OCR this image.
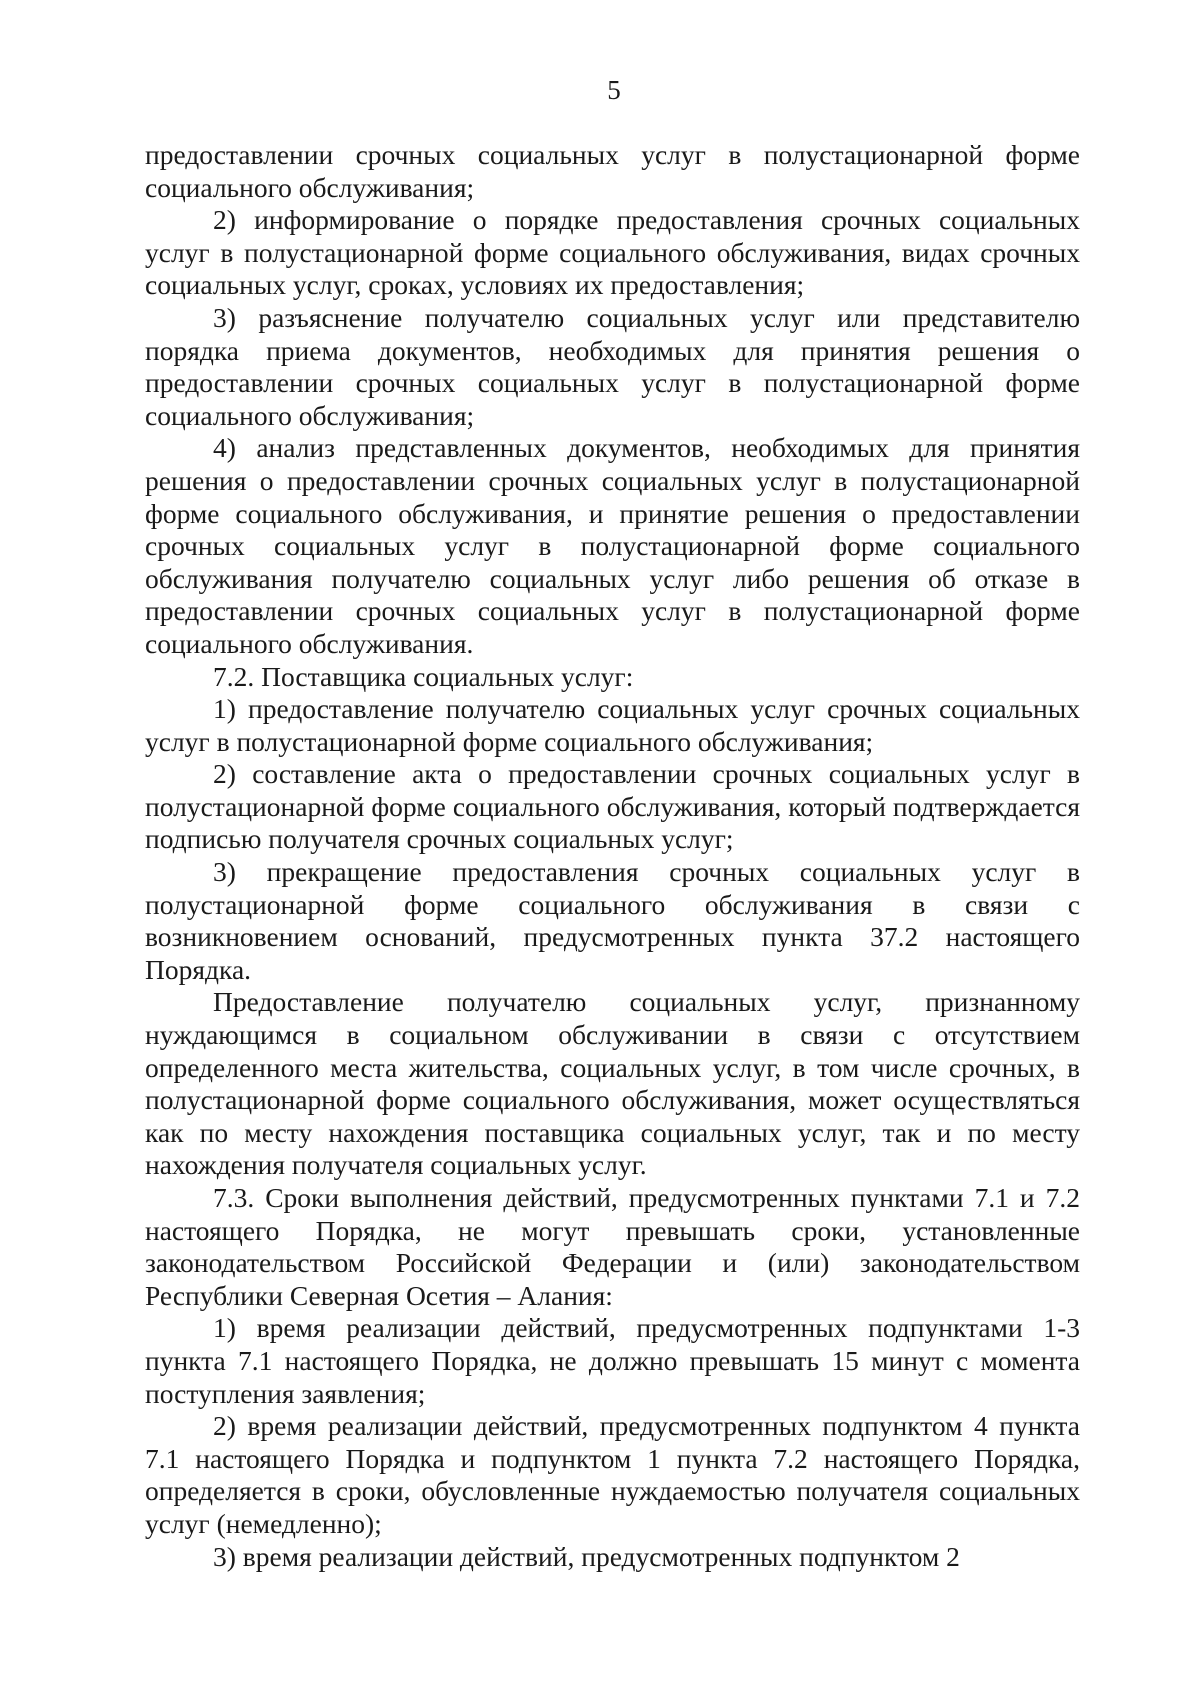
5

предоставлении срочных социальных услуг в полустационарной форме социального обслуживания;

2) информирование о порядке предоставления срочных социальных услуг в полустационарной форме социального обслуживания, видах срочных социальных услуг, сроках, условиях их предоставления;

3) разъяснение получателю социальных услуг или представителю порядка приема документов, необходимых для принятия решения о предоставлении срочных социальных услуг в полустационарной форме социального обслуживания;

4) анализ представленных документов, необходимых для принятия решения о предоставлении срочных социальных услуг в полустационарной форме социального обслуживания, и принятие решения о предоставлении срочных социальных услуг в полустационарной форме социального обслуживания получателю социальных услуг либо решения об отказе в предоставлении срочных социальных услуг в полустационарной форме социального обслуживания.

7.2. Поставщика социальных услуг:

1) предоставление получателю социальных услуг срочных социальных услуг в полустационарной форме социального обслуживания;

2) составление акта о предоставлении срочных социальных услуг в полустационарной форме социального обслуживания, который подтверждается подписью получателя срочных социальных услуг;

3) прекращение предоставления срочных социальных услуг в полустационарной форме социального обслуживания в связи с возникновением оснований, предусмотренных пункта 37.2 настоящего Порядка.

Предоставление получателю социальных услуг, признанному нуждающимся в социальном обслуживании в связи с отсутствием определенного места жительства, социальных услуг, в том числе срочных, в полустационарной форме социального обслуживания, может осуществляться как по месту нахождения поставщика социальных услуг, так и по месту нахождения получателя социальных услуг.

7.3. Сроки выполнения действий, предусмотренных пунктами 7.1 и 7.2 настоящего Порядка, не могут превышать сроки, установленные законодательством Российской Федерации и (или) законодательством Республики Северная Осетия – Алания:

1) время реализации действий, предусмотренных подпунктами 1-3 пункта 7.1 настоящего Порядка, не должно превышать 15 минут с момента поступления заявления;

2) время реализации действий, предусмотренных подпунктом 4 пункта 7.1 настоящего Порядка и подпунктом 1 пункта 7.2 настоящего Порядка, определяется в сроки, обусловленные нуждаемостью получателя социальных услуг (немедленно);

3) время реализации действий, предусмотренных подпунктом 2
